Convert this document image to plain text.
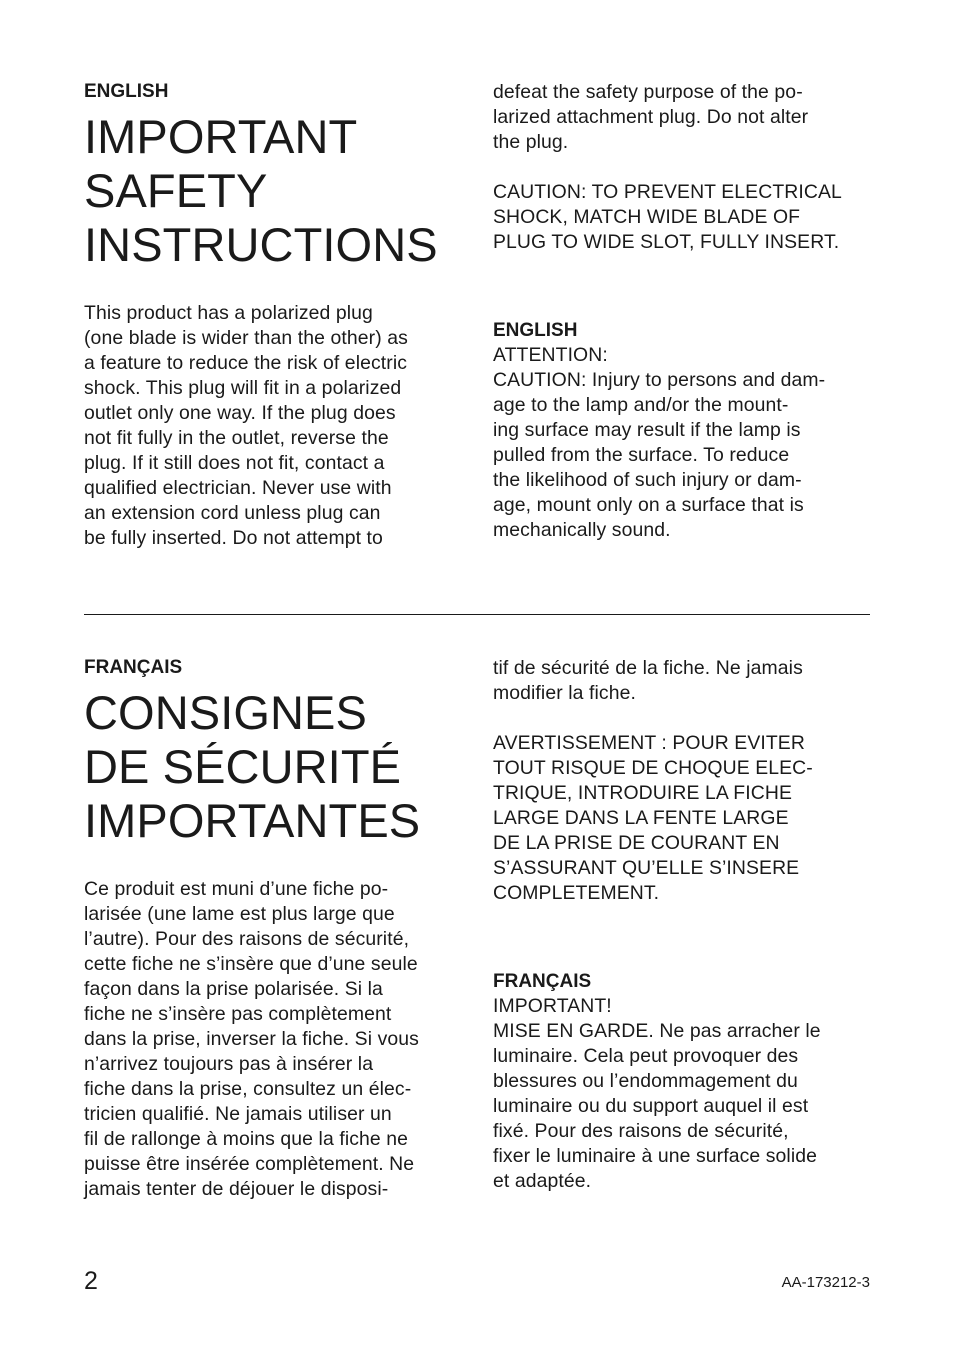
ENGLISH
IMPORTANT
SAFETY
INSTRUCTIONS
This product has a polarized plug
(one blade is wider than the other) as
a feature to reduce the risk of electric
shock. This plug will fit in a polarized
outlet only one way. If the plug does
not fit fully in the outlet, reverse the
plug. If it still does not fit, contact a
qualified electrician. Never use with
an extension cord unless plug can
be fully inserted. Do not attempt to
defeat the safety purpose of the po-
larized attachment plug. Do not alter
the plug.
CAUTION: TO PREVENT ELECTRICAL
SHOCK, MATCH WIDE BLADE OF
PLUG TO WIDE SLOT, FULLY INSERT.
ENGLISH
ATTENTION:
CAUTION: Injury to persons and dam-
age to the lamp and/or the mount-
ing surface may result if the lamp is
pulled from the surface. To reduce
the likelihood of such injury or dam-
age, mount only on a surface that is
mechanically sound.
FRANÇAIS
CONSIGNES
DE SÉCURITÉ
IMPORTANTES
Ce produit est muni d’une fiche po-
larisée (une lame est plus large que
l’autre). Pour des raisons de sécurité,
cette fiche ne s’insère que d’une seule
façon dans la prise polarisée. Si la
fiche ne s’insère pas complètement
dans la prise, inverser la fiche. Si vous
n’arrivez toujours pas à insérer la
fiche dans la prise, consultez un élec-
tricien qualifié. Ne jamais utiliser un
fil de rallonge à moins que la fiche ne
puisse être insérée complètement. Ne
jamais tenter de déjouer le disposi-
tif de sécurité de la fiche. Ne jamais
modifier la fiche.
AVERTISSEMENT : POUR EVITER
TOUT RISQUE DE CHOQUE ELEC-
TRIQUE, INTRODUIRE LA FICHE
LARGE DANS LA FENTE LARGE
DE LA PRISE DE COURANT EN
S’ASSURANT QU’ELLE S’INSERE
COMPLETEMENT.
FRANÇAIS
IMPORTANT!
MISE EN GARDE. Ne pas arracher le
luminaire. Cela peut provoquer des
blessures ou l’endommagement du
luminaire ou du support auquel il est
fixé. Pour des raisons de sécurité,
fixer le luminaire à une surface solide
et adaptée.
2	AA-173212-3
